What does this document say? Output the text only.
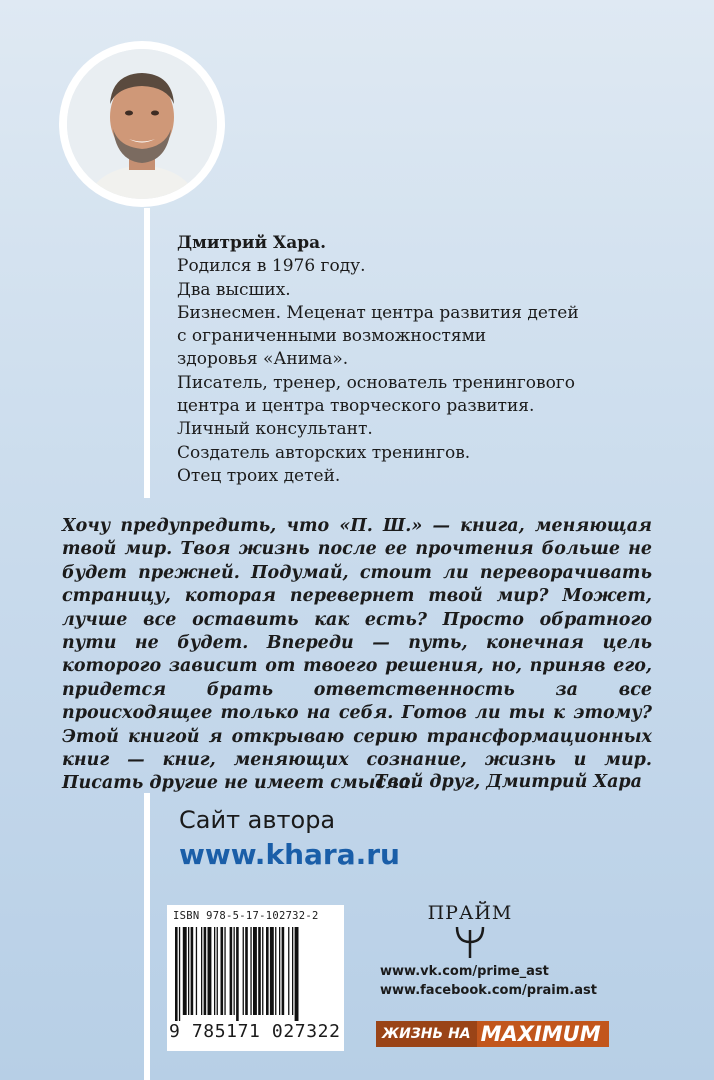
Дмитрий Хара.
Родился в 1976 году.
Два высших.
Бизнесмен. Меценат центра развития детей
с ограниченными возможностями
здоровья «Анима».
Писатель, тренер, основатель тренингового
центра и центра творческого развития.
Личный консультант.
Создатель авторских тренингов.
Отец троих детей.
Хочу предупредить, что «П. Ш.» — книга, меняющая твой мир. Твоя жизнь после ее прочтения больше не будет прежней. Подумай, стоит ли переворачивать страницу, которая перевернет твой мир? Может, лучше все оставить как есть? Просто обратного пути не будет. Впереди — путь, конечная цель которого зависит от твоего решения, но, приняв его, придется брать ответственность за все происходящее только на себя. Готов ли ты к этому? Этой книгой я открываю серию трансформационных книг — книг, меняющих сознание, жизнь и мир. Писать другие не имеет смысла.
Твой друг, Дмитрий Хара
Сайт автора
www.khara.ru
ISBN 978-5-17-102732-2
9 785171 027322
ПРАЙМ
www.vk.com/prime_ast
www.facebook.com/praim.ast
ЖИЗНЬ НА MAXIMUM
